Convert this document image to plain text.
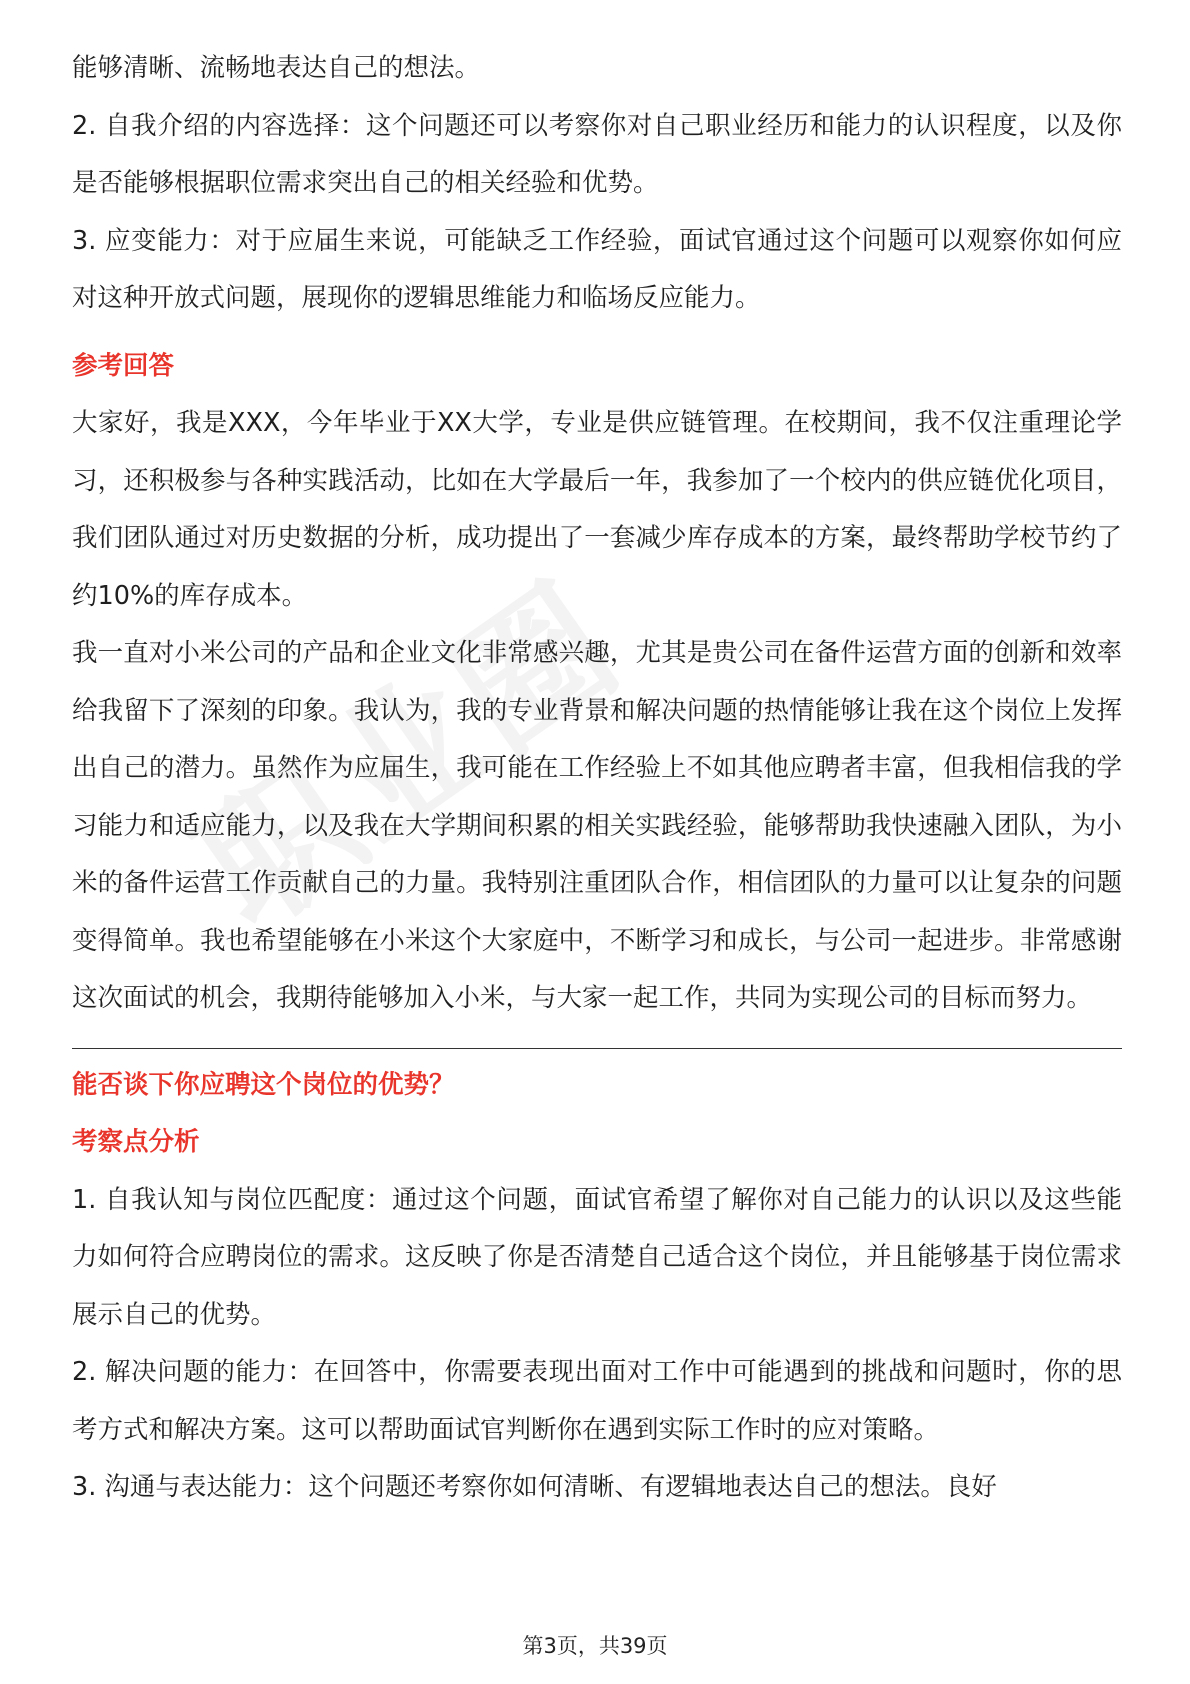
能够清晰、流畅地表达自己的想法。

2. 自我介绍的内容选择：这个问题还可以考察你对自己职业经历和能力的认识程度，以及你是否能够根据职位需求突出自己的相关经验和优势。

3. 应变能力：对于应届生来说，可能缺乏工作经验，面试官通过这个问题可以观察你如何应对这种开放式问题，展现你的逻辑思维能力和临场反应能力。

参考回答

大家好，我是XXX，今年毕业于XX大学，专业是供应链管理。在校期间，我不仅注重理论学习，还积极参与各种实践活动，比如在大学最后一年，我参加了一个校内的供应链优化项目，我们团队通过对历史数据的分析，成功提出了一套减少库存成本的方案，最终帮助学校节约了约10%的库存成本。

我一直对小米公司的产品和企业文化非常感兴趣，尤其是贵公司在备件运营方面的创新和效率给我留下了深刻的印象。我认为，我的专业背景和解决问题的热情能够让我在这个岗位上发挥出自己的潜力。虽然作为应届生，我可能在工作经验上不如其他应聘者丰富，但我相信我的学习能力和适应能力，以及我在大学期间积累的相关实践经验，能够帮助我快速融入团队，为小米的备件运营工作贡献自己的力量。我特别注重团队合作，相信团队的力量可以让复杂的问题变得简单。我也希望能够在小米这个大家庭中，不断学习和成长，与公司一起进步。非常感谢这次面试的机会，我期待能够加入小米，与大家一起工作，共同为实现公司的目标而努力。

能否谈下你应聘这个岗位的优势？

考察点分析

1. 自我认知与岗位匹配度：通过这个问题，面试官希望了解你对自己能力的认识以及这些能力如何符合应聘岗位的需求。这反映了你是否清楚自己适合这个岗位，并且能够基于岗位需求展示自己的优势。

2. 解决问题的能力：在回答中，你需要表现出面对工作中可能遇到的挑战和问题时，你的思考方式和解决方案。这可以帮助面试官判断你在遇到实际工作时的应对策略。

3. 沟通与表达能力：这个问题还考察你如何清晰、有逻辑地表达自己的想法。良好

第3页，共39页
